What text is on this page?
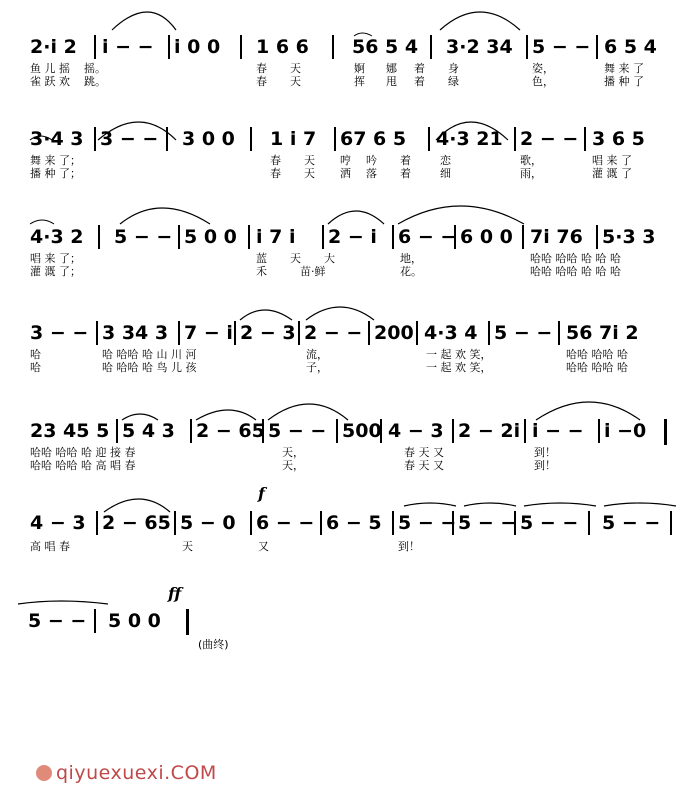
2·i 2 i − − i 0 0 1 6 6 56 5 4 3·2 34 5 − − 6 5 4
鱼 儿 摇 摇。	春 天	婀 娜 着 身	姿，	舞 来 了
雀 跃 欢 跳。	春 天	挥 甩 着 绿	色，	播 种 了
3·4 3 3 − − 3 0 0 1 i 7 67 6 5 4·3 21 2 − − 3 6 5
舞 来 了；	春 天 哼 吟 着	恋	歌，	唱 来 了
播 种 了；	春 天 洒 落 着	细	雨，	灌 溉 了
4·3 2 5 − − 5 0 0 i 7 i 2 − i 6 − − 6 0 0 7i 76 5·3 3
唱 来 了；	蓝 天 大	地，	哈哈 哈哈 哈 哈 哈
灌 溉 了；	禾	苗·鲜	花。	哈哈 哈哈 哈 哈 哈
3 − − 3 34 3 7 − i 2 − 3 2 − − 200 4·3 4 5 − − 56 7i 2
哈	哈 哈哈 哈 山 川 河	流，	一 起 欢 笑，	哈哈 哈哈 哈
哈	哈 哈哈 哈 鸟 儿 孩	子，	一 起 欢 笑，	哈哈 哈哈 哈
23 45 5 5 4 3 2 − 65 5 − − 500 4 − 3 2 − 2i i − − i −0
哈哈 哈哈 哈 迎 接 春	天，	春 天 又	到！
哈哈 哈哈 哈 高 唱 春	天，	春 天 又	到！
f
4 − 3 2 − 65 5 − 0 6 − − 6 − 5 5 − − 5 − − 5 − − 5 − −
高 唱 春	天	又	到！
ff
5 − − 5 0 0
(曲终)
qiyuexuexi.COM
